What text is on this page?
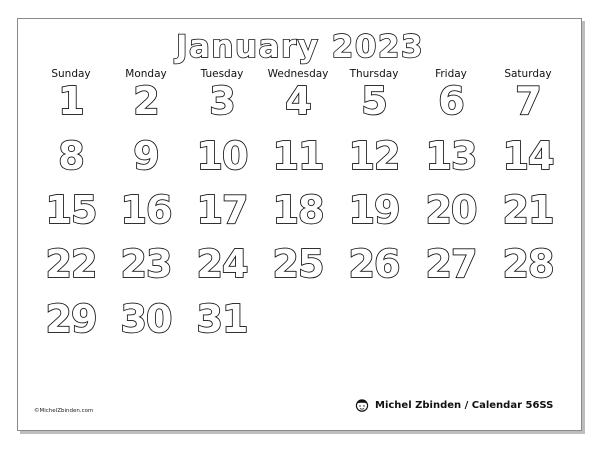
January 2023
Sunday	Monday	Tuesday	Wednesday	Thursday	Friday	Saturday
1	2	3	4	5	6	7
8	9 10 11 12 13 14
15 16 17 18 19 20 21
22 23 24 25 26 27 28
29 30 31
©MichelZbinden.com
Michel Zbinden / Calendar 56SS
